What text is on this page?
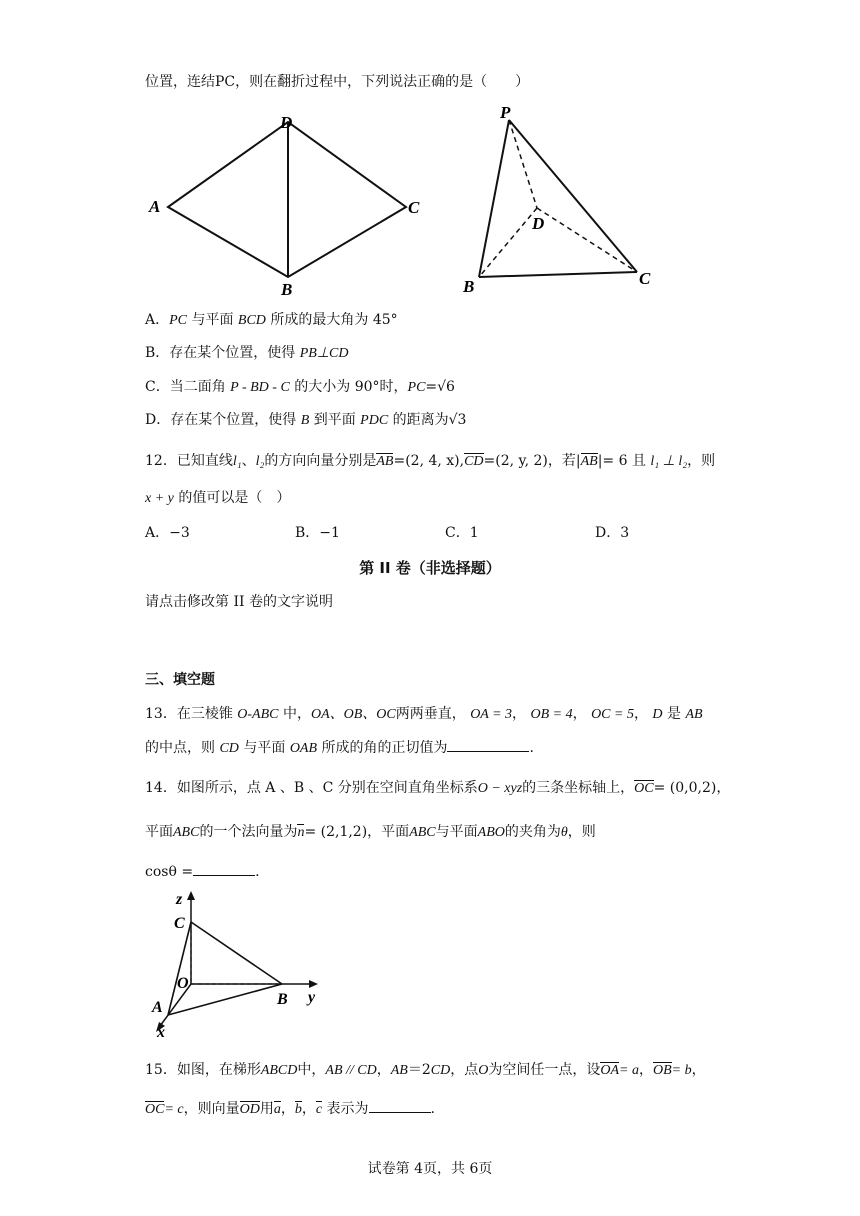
位置，连结PC，则在翻折过程中，下列说法正确的是（　　）
D
A	C
B
P
D
B	C
A．PC 与平面 BCD 所成的最大角为 45°
B．存在某个位置，使得 PB⊥CD
C．当二面角 P - BD - C 的大小为 90°时，PC=√6
D．存在某个位置，使得 B 到平面 PDC 的距离为√3
12．已知直线l₁、l₂的方向向量分别是AB=(2, 4, x),CD=(2, y, 2)，若|AB|= 6 且 l₁ ⊥ l₂，则
x + y 的值可以是（　）
A．−3	B．−1	C．1	D．3
第 II 卷（非选择题）
请点击修改第 II 卷的文字说明
三、填空题
13．在三棱锥 O-ABC 中，OA、OB、OC两两垂直， OA = 3， OB = 4， OC = 5， D 是 AB
的中点，则 CD 与平面 OAB 所成的角的正切值为	.
14．如图所示，点 A 、B 、C 分别在空间直角坐标系O − xyz的三条坐标轴上，OC= (0,0,2)，
平面ABC的一个法向量为n= (2,1,2)，平面ABC与平面ABO的夹角为θ，则
cosθ =	.
z
C
O
B y
A
x
15．如图，在梯形ABCD中，AB // CD，AB＝2CD，点O为空间任一点，设OA= a，OB= b，
OC= c，则向量OD用a，b，c 表示为	.
试卷第 4页，共 6页
